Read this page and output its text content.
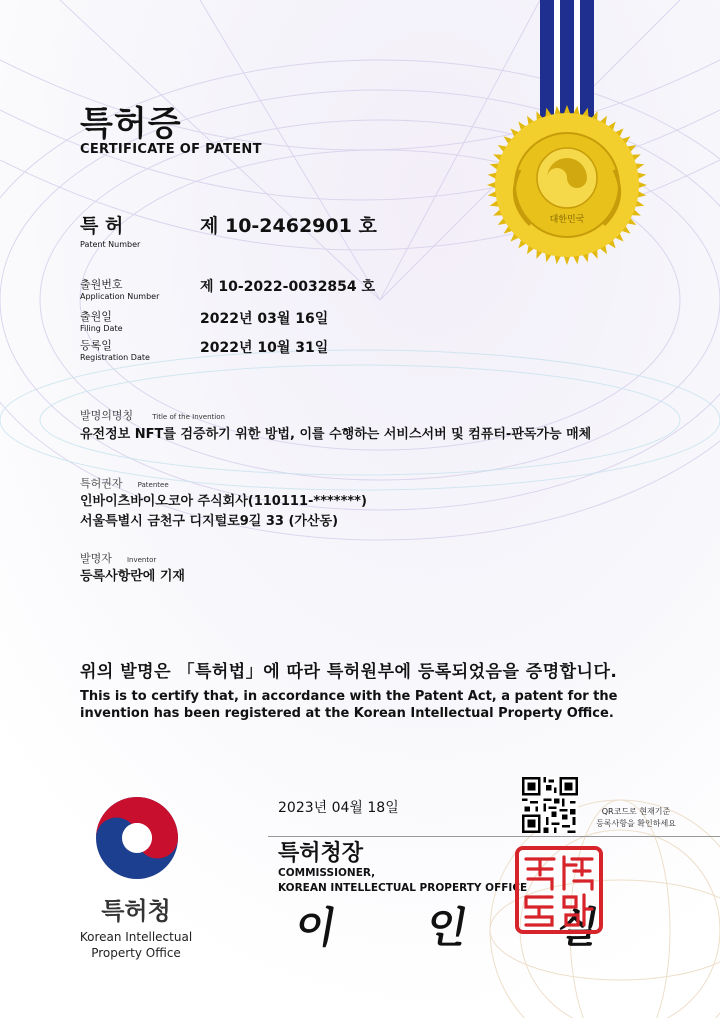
대한민국
특허증
CERTIFICATE OF PATENT
특 허
Patent Number
제 10-2462901 호
출원번호
Application Number
제 10-2022-0032854 호
출원일
Filing Date
2022년 03월 16일
등록일
Registration Date
2022년 10월 31일
발명의명칭	Title of the Invention
유전정보 NFT를 검증하기 위한 방법, 이를 수행하는 서비스서버 및 컴퓨터-판독가능 매체
특허권자 Patentee
인바이츠바이오코아 주식회사(110111-*******)
서울특별시 금천구 디지털로9길 33 (가산동)
발명자 Inventor
등록사항란에 기재
위의 발명은 「특허법」에 따라 특허원부에 등록되었음을 증명합니다.
This is to certify that, in accordance with the Patent Act, a patent for the invention has been registered at the Korean Intellectual Property Office.
특허청
Korean Intellectual
Property Office
2023년 04월 18일
특허청장
COMMISSIONER,
KOREAN INTELLECTUAL PROPERTY OFFICE
이 인 실
QR코드로 현재기준
등록사항을 확인하세요
